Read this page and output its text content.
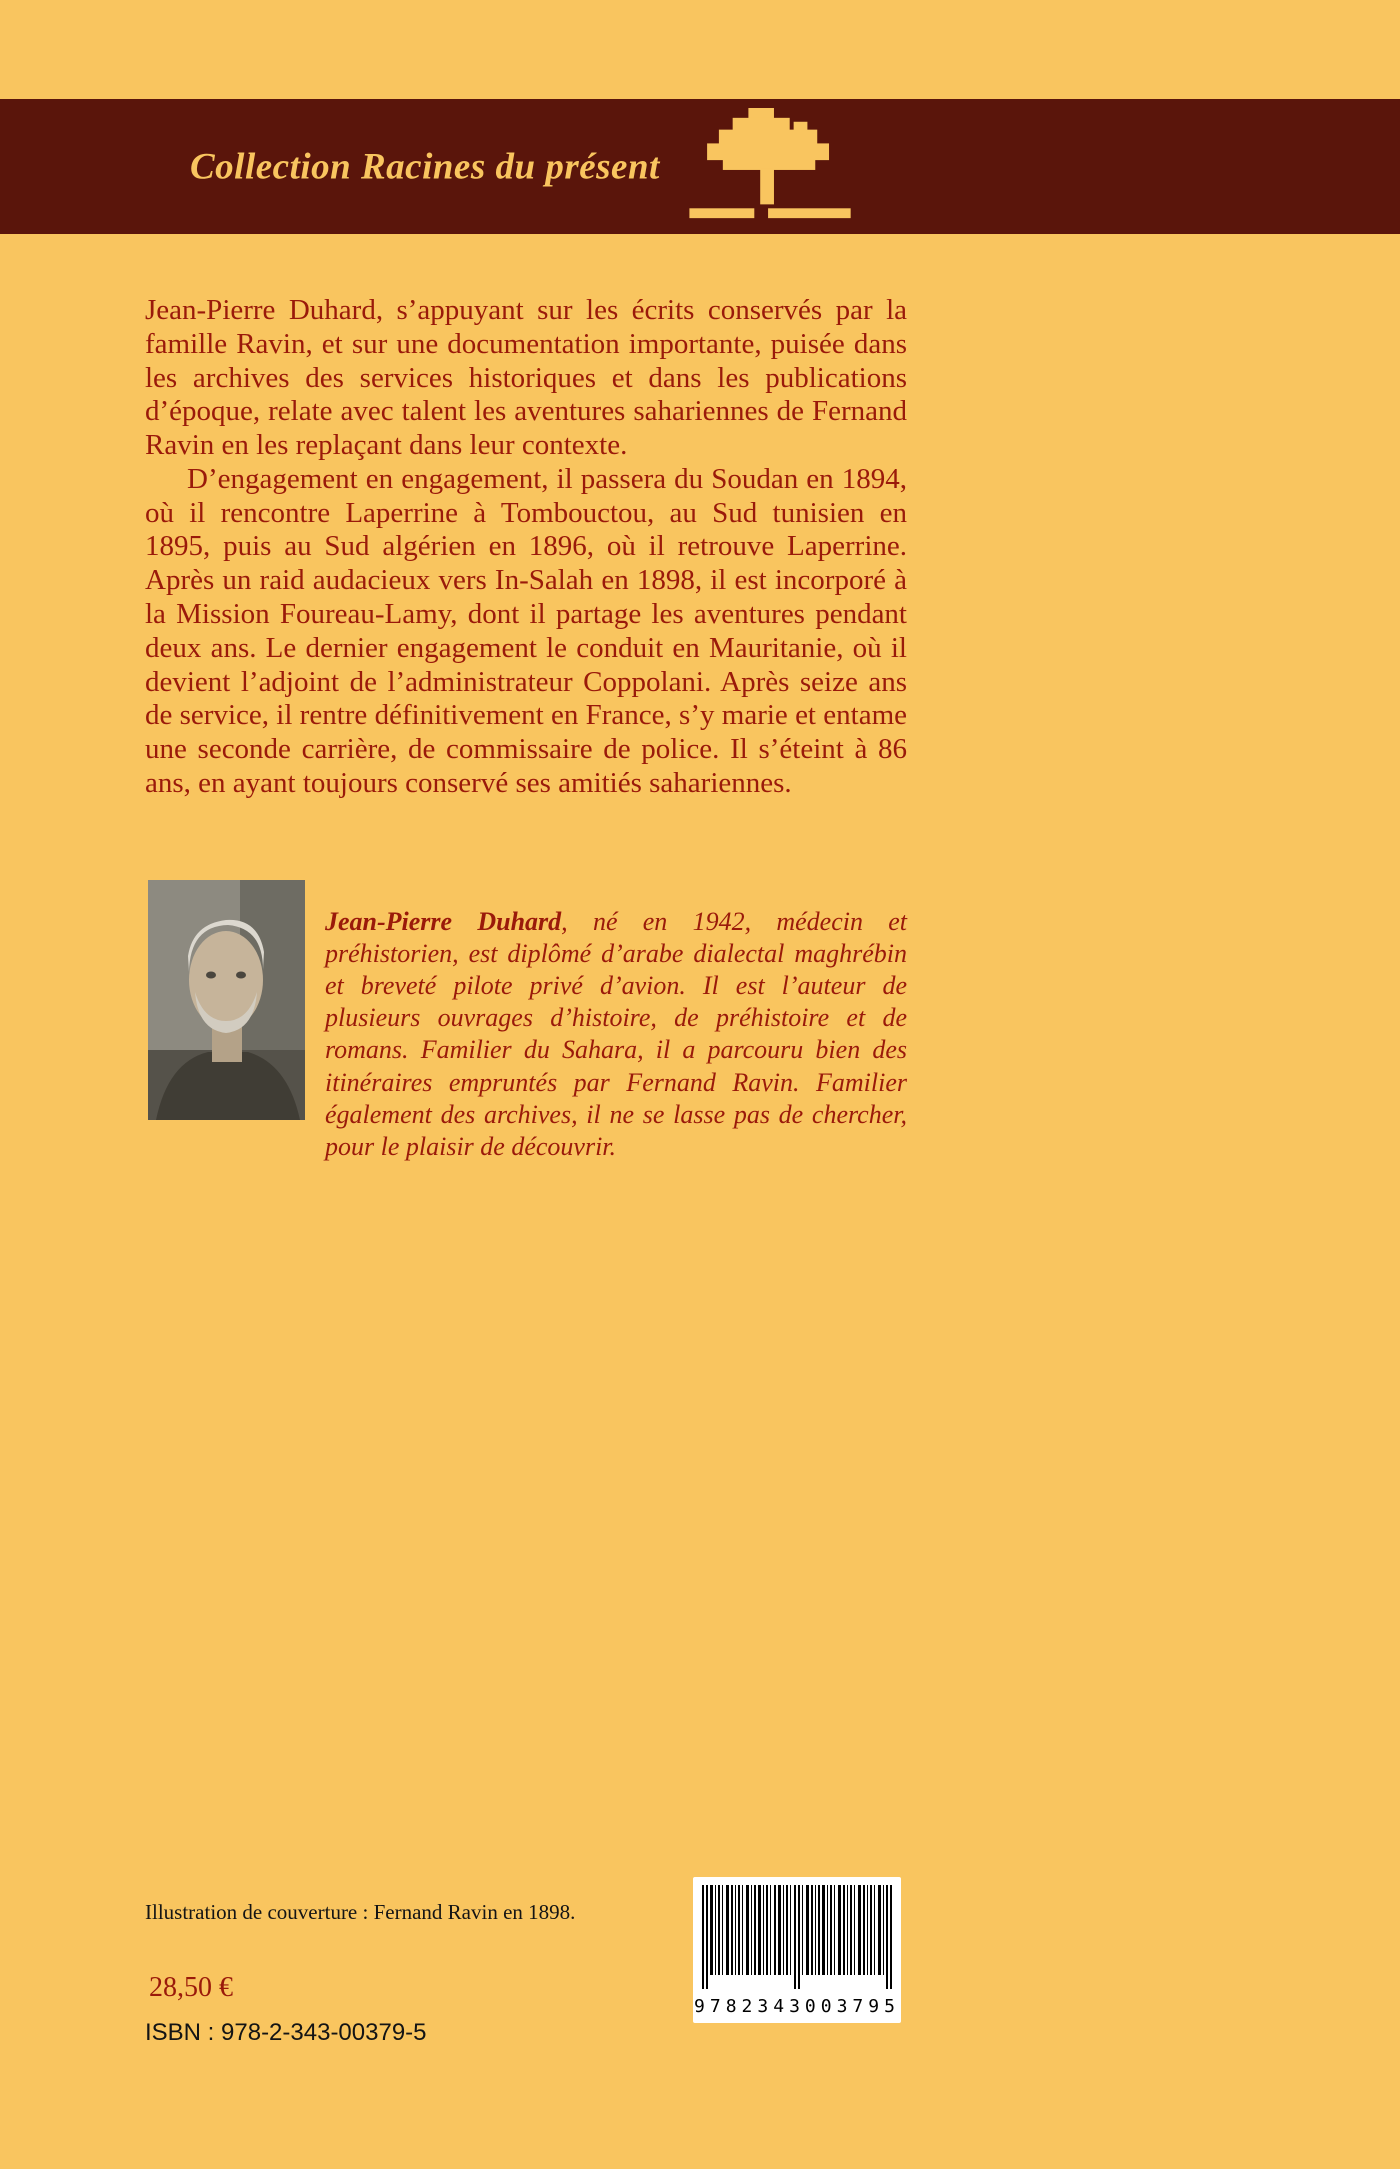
Collection Racines du présent

Jean-Pierre Duhard, s’appuyant sur les écrits conservés par la famille Ravin, et sur une documentation importante, puisée dans les archives des services historiques et dans les publications d’époque, relate avec talent les aventures sahariennes de Fernand Ravin en les replaçant dans leur contexte.

D’engagement en engagement, il passera du Soudan en 1894, où il rencontre Laperrine à Tombouctou, au Sud tunisien en 1895, puis au Sud algérien en 1896, où il retrouve Laperrine. Après un raid audacieux vers In-Salah en 1898, il est incorporé à la Mission Foureau-Lamy, dont il partage les aventures pendant deux ans. Le dernier engagement le conduit en Mauritanie, où il devient l’adjoint de l’administrateur Coppolani. Après seize ans de service, il rentre définitivement en France, s’y marie et entame une seconde carrière, de commissaire de police. Il s’éteint à 86 ans, en ayant toujours conservé ses amitiés sahariennes.

Jean-Pierre Duhard, né en 1942, médecin et préhistorien, est diplômé d’arabe dialectal maghrébin et breveté pilote privé d’avion. Il est l’auteur de plusieurs ouvrages d’histoire, de préhistoire et de romans. Familier du Sahara, il a parcouru bien des itinéraires empruntés par Fernand Ravin. Familier également des archives, il ne se lasse pas de chercher, pour le plaisir de découvrir.
Illustration de couverture : Fernand Ravin en 1898.
28,50 €
ISBN : 978-2-343-00379-5
9782343003795
